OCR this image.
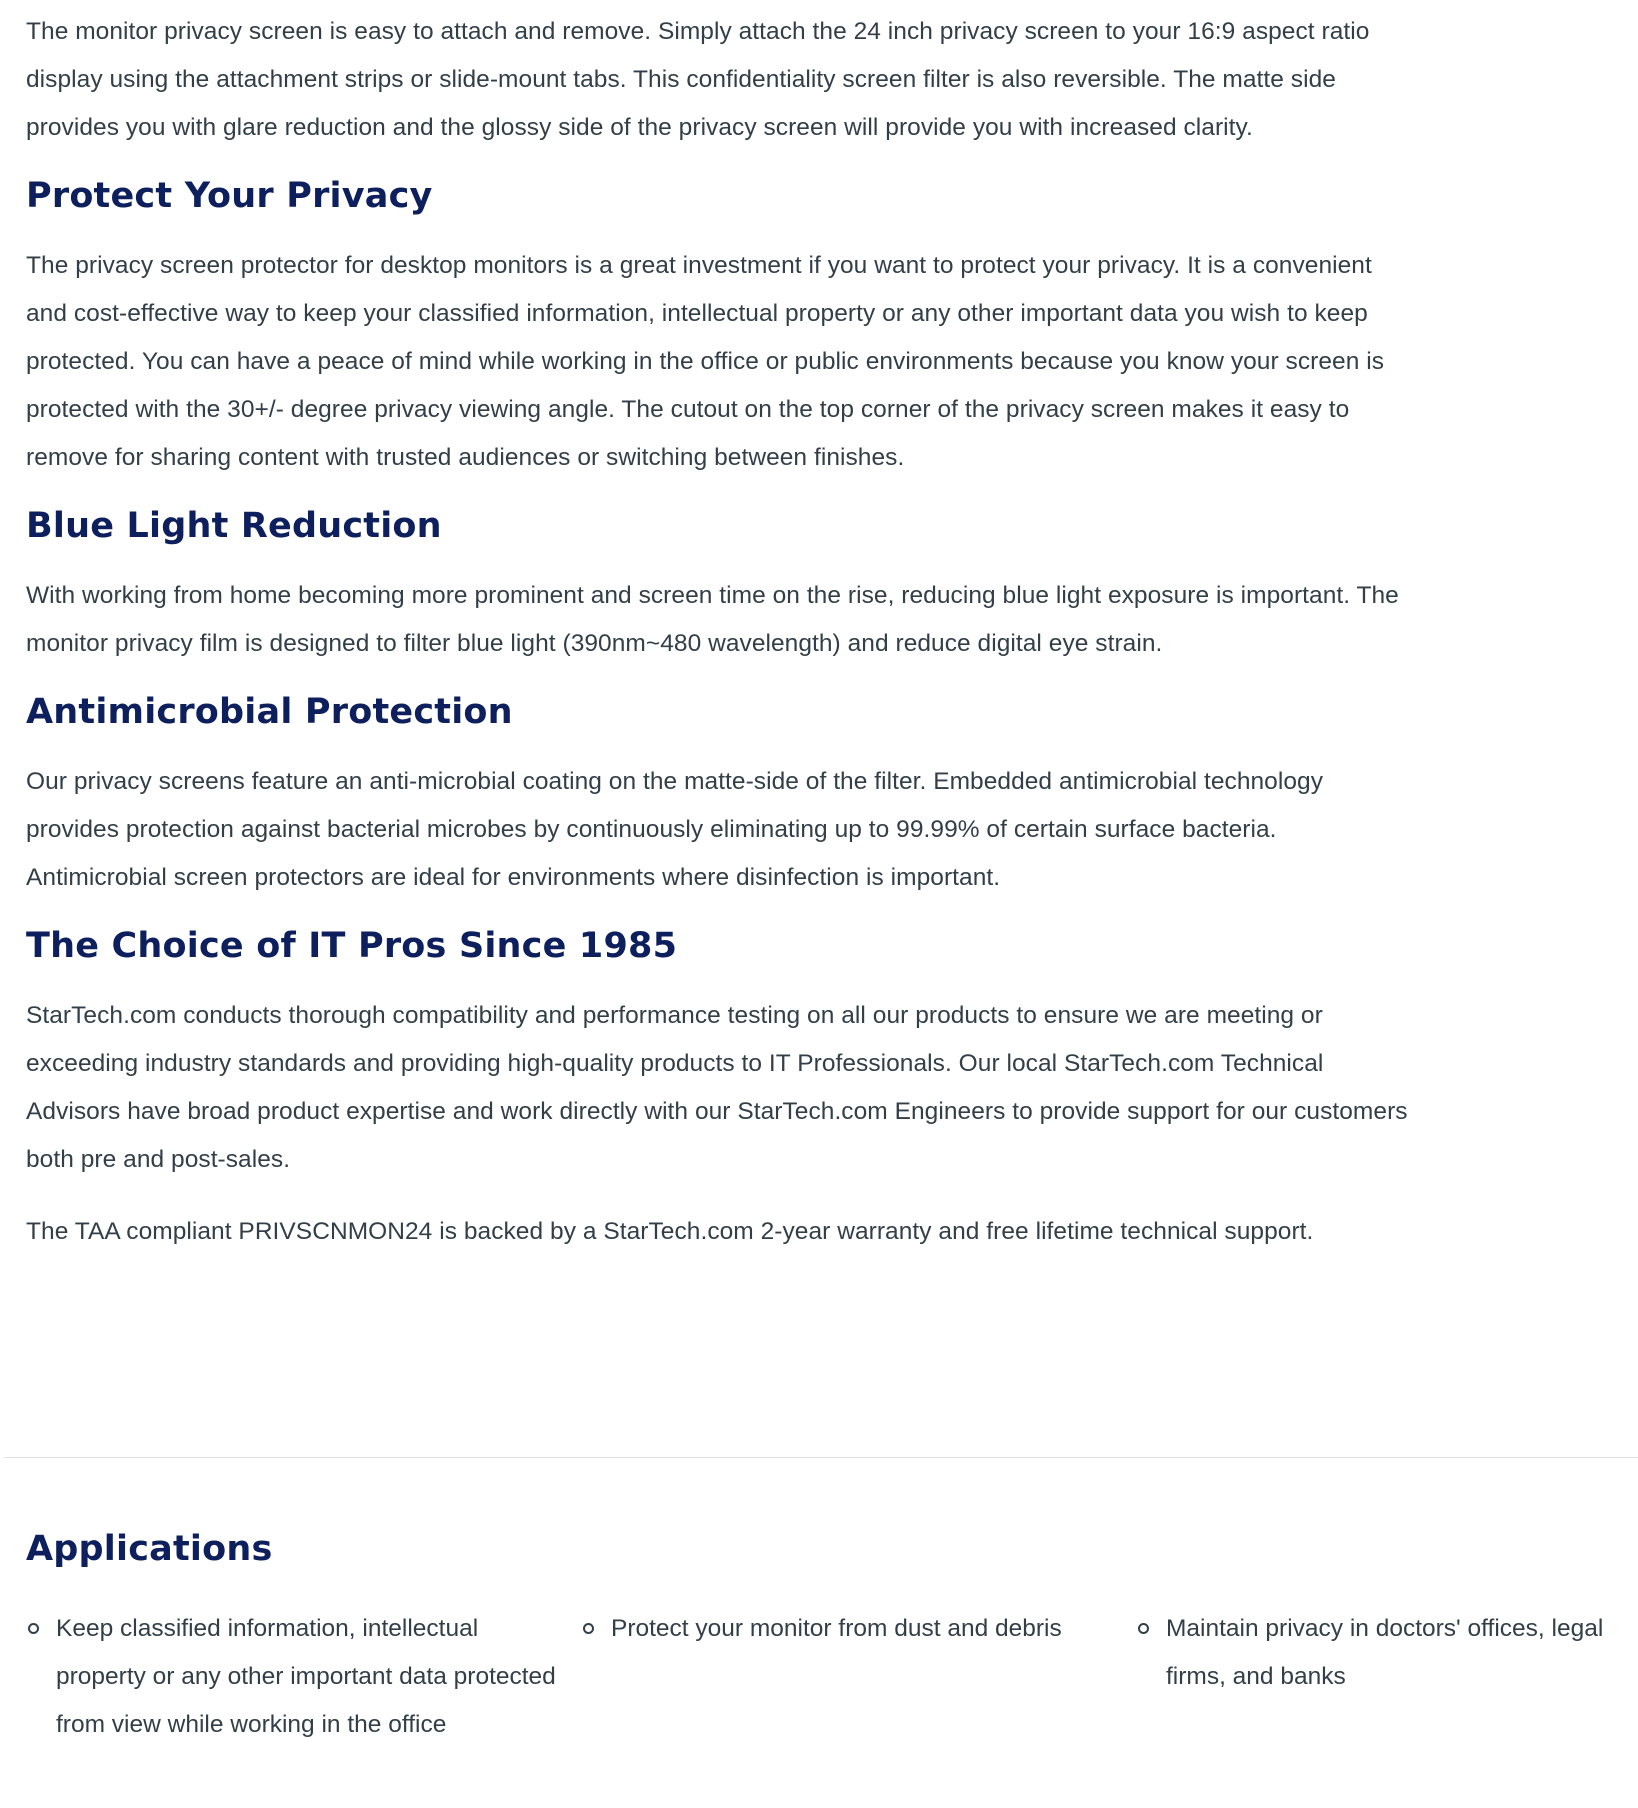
The monitor privacy screen is easy to attach and remove. Simply attach the 24 inch privacy screen to your 16:9 aspect ratio display using the attachment strips or slide-mount tabs. This confidentiality screen filter is also reversible. The matte side provides you with glare reduction and the glossy side of the privacy screen will provide you with increased clarity.

Protect Your Privacy

The privacy screen protector for desktop monitors is a great investment if you want to protect your privacy. It is a convenient and cost-effective way to keep your classified information, intellectual property or any other important data you wish to keep protected. You can have a peace of mind while working in the office or public environments because you know your screen is protected with the 30+/- degree privacy viewing angle. The cutout on the top corner of the privacy screen makes it easy to remove for sharing content with trusted audiences or switching between finishes.

Blue Light Reduction

With working from home becoming more prominent and screen time on the rise, reducing blue light exposure is important. The monitor privacy film is designed to filter blue light (390nm~480 wavelength) and reduce digital eye strain.

Antimicrobial Protection

Our privacy screens feature an anti-microbial coating on the matte-side of the filter. Embedded antimicrobial technology provides protection against bacterial microbes by continuously eliminating up to 99.99% of certain surface bacteria. Antimicrobial screen protectors are ideal for environments where disinfection is important.

The Choice of IT Pros Since 1985

StarTech.com conducts thorough compatibility and performance testing on all our products to ensure we are meeting or exceeding industry standards and providing high-quality products to IT Professionals. Our local StarTech.com Technical Advisors have broad product expertise and work directly with our StarTech.com Engineers to provide support for our customers both pre and post-sales.

The TAA compliant PRIVSCNMON24 is backed by a StarTech.com 2-year warranty and free lifetime technical support.

Applications
Keep classified information, intellectual property or any other important data protected from view while working in the office
Protect your monitor from dust and debris	Maintain privacy in doctors' offices, legal firms, and banks
